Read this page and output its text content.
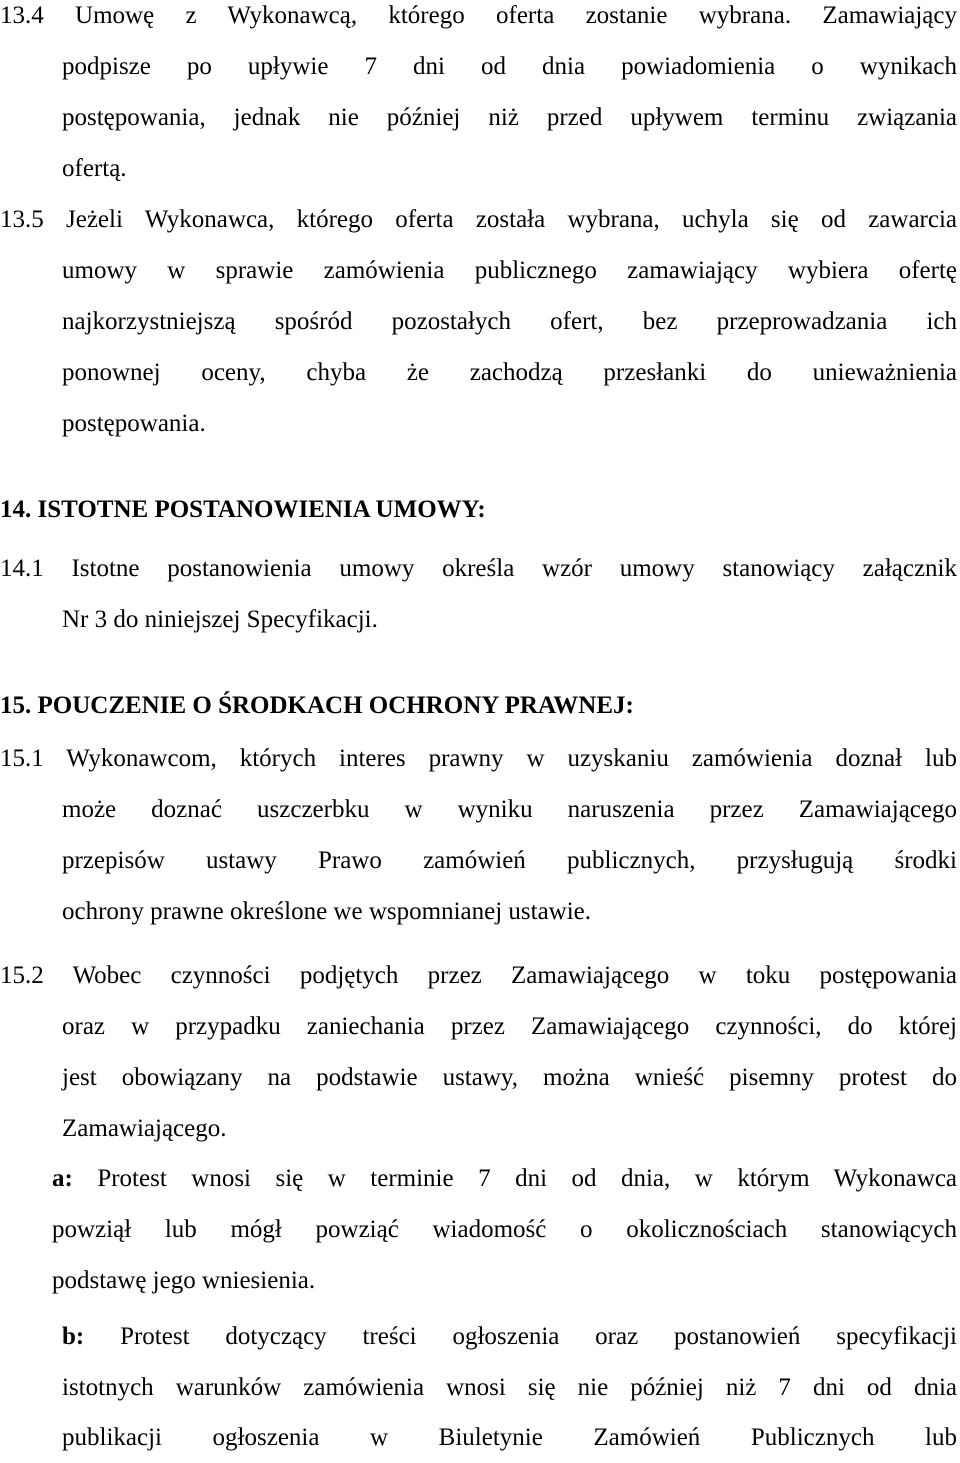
13.4 Umowę z Wykonawcą, którego oferta zostanie wybrana. Zamawiający
podpisze po upływie 7 dni od dnia powiadomienia o wynikach
postępowania, jednak nie później niż przed upływem terminu związania
ofertą.
13.5 Jeżeli Wykonawca, którego oferta została wybrana, uchyla się od zawarcia
umowy w sprawie zamówienia publicznego zamawiający wybiera ofertę
najkorzystniejszą spośród pozostałych ofert, bez przeprowadzania ich
ponownej oceny, chyba że zachodzą przesłanki do unieważnienia
postępowania.
14. ISTOTNE POSTANOWIENIA UMOWY:
14.1 Istotne postanowienia umowy określa wzór umowy stanowiący załącznik
Nr 3 do niniejszej Specyfikacji.
15. POUCZENIE O ŚRODKACH OCHRONY PRAWNEJ:
15.1 Wykonawcom, których interes prawny w uzyskaniu zamówienia doznał lub
może doznać uszczerbku w wyniku naruszenia przez Zamawiającego
przepisów ustawy Prawo zamówień publicznych, przysługują środki
ochrony prawne określone we wspomnianej ustawie.
15.2 Wobec czynności podjętych przez Zamawiającego w toku postępowania
oraz w przypadku zaniechania przez Zamawiającego czynności, do której
jest obowiązany na podstawie ustawy, można wnieść pisemny protest do
Zamawiającego.
a: Protest wnosi się w terminie 7 dni od dnia, w którym Wykonawca
powziął lub mógł powziąć wiadomość o okolicznościach stanowiących
podstawę jego wniesienia.
b: Protest dotyczący treści ogłoszenia oraz postanowień specyfikacji
istotnych warunków zamówienia wnosi się nie później niż 7 dni od dnia
publikacji ogłoszenia w Biuletynie Zamówień Publicznych lub
